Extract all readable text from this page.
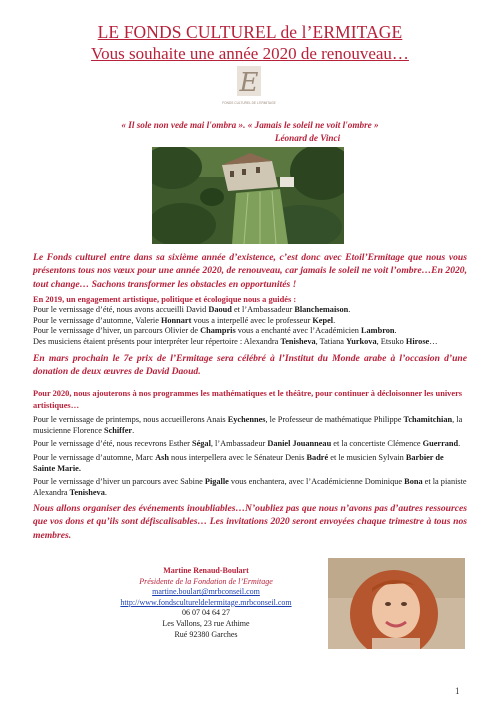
LE FONDS CULTUREL de l’ERMITAGE
Vous souhaite une année 2020 de renouveau…
E
FONDS CULTUREL DE L'ERMITAGE
« Il sole non vede mai l'ombra ». « Jamais le soleil ne voit l'ombre »
Léonard de Vinci
Le Fonds culturel entre dans sa sixième année d’existence, c’est donc avec Etoil’Ermitage que nous vous présentons tous nos vœux pour une année 2020, de renouveau, car jamais le soleil ne voit l’ombre…En 2020, tout change… Sachons transformer les obstacles en opportunités !
En 2019, un engagement artistique, politique et écologique nous a guidés :
Pour le vernissage d’été, nous avons accueilli David Daoud et l’Ambassadeur Blanchemaison.
Pour le vernissage d’automne, Valerie Honnart vous a interpellé avec le professeur Kepel.
Pour le vernissage d’hiver, un parcours Olivier de Champris vous a enchanté avec l’Académicien Lambron.
Des musiciens étaient présents pour interpréter leur répertoire : Alexandra Tenisheva, Tatiana Yurkova, Etsuko Hirose…
En mars prochain le 7e prix de l’Ermitage sera célébré à l’Institut du Monde arabe à l’occasion d’une donation de deux œuvres de David Daoud.
Pour 2020, nous ajouterons à nos programmes les mathématiques et le théâtre, pour continuer à décloisonner les univers artistiques…
Pour le vernissage de printemps, nous accueillerons Anais Eychennes, le Professeur de mathématique Philippe Tchamitchian, la musicienne Florence Schiffer.
Pour le vernissage d’été, nous recevrons Esther Ségal, l’Ambassadeur Daniel Jouanneau et la concertiste Clémence Guerrand.
Pour le vernissage d’automne, Marc Ash nous interpellera avec le Sénateur Denis Badré et le musicien Sylvain Barbier de Sainte Marie.
Pour le vernissage d’hiver un parcours avec Sabine Pigalle vous enchantera, avec l’Académicienne Dominique Bona et la pianiste Alexandra Tenisheva.
Nous allons organiser des événements inoubliables…N’oubliez pas que nous n’avons pas d’autres ressources que vos dons et qu’ils sont défiscalisables… Les invitations 2020 seront envoyées chaque trimestre à tous nos membres.
Martine Renaud-Boulart
Présidente de la Fondation de l’Ermitage
martine.boulart@mrbconseil.com
http://www.fondscultureldelermitage.mrbconseil.com
06 07 04 64 27
Les Vallons, 23 rue Athime
Rué 92380 Garches
1
